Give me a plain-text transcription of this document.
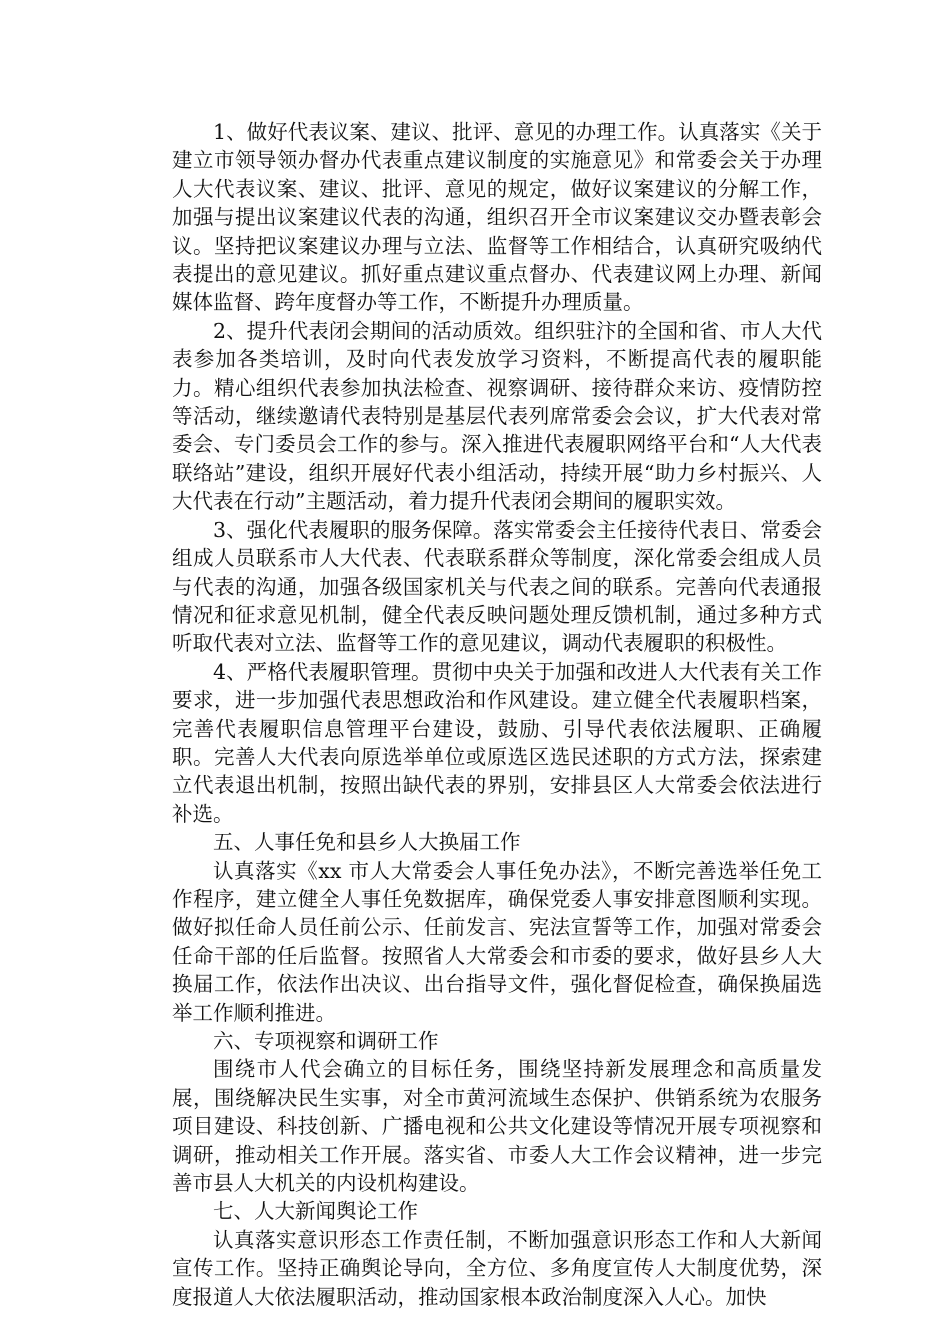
1、做好代表议案、建议、批评、意见的办理工作。认真落实《关于建立市领导领办督办代表重点建议制度的实施意见》和常委会关于办理人大代表议案、建议、批评、意见的规定，做好议案建议的分解工作，加强与提出议案建议代表的沟通，组织召开全市议案建议交办暨表彰会议。坚持把议案建议办理与立法、监督等工作相结合，认真研究吸纳代表提出的意见建议。抓好重点建议重点督办、代表建议网上办理、新闻媒体监督、跨年度督办等工作，不断提升办理质量。

2、提升代表闭会期间的活动质效。组织驻汴的全国和省、市人大代表参加各类培训，及时向代表发放学习资料，不断提高代表的履职能力。精心组织代表参加执法检查、视察调研、接待群众来访、疫情防控等活动，继续邀请代表特别是基层代表列席常委会会议，扩大代表对常委会、专门委员会工作的参与。深入推进代表履职网络平台和“人大代表联络站”建设，组织开展好代表小组活动，持续开展“助力乡村振兴、人大代表在行动”主题活动，着力提升代表闭会期间的履职实效。

3、强化代表履职的服务保障。落实常委会主任接待代表日、常委会组成人员联系市人大代表、代表联系群众等制度，深化常委会组成人员与代表的沟通，加强各级国家机关与代表之间的联系。完善向代表通报情况和征求意见机制，健全代表反映问题处理反馈机制，通过多种方式听取代表对立法、监督等工作的意见建议，调动代表履职的积极性。

4、严格代表履职管理。贯彻中央关于加强和改进人大代表有关工作要求，进一步加强代表思想政治和作风建设。建立健全代表履职档案，完善代表履职信息管理平台建设，鼓励、引导代表依法履职、正确履职。完善人大代表向原选举单位或原选区选民述职的方式方法，探索建立代表退出机制，按照出缺代表的界别，安排县区人大常委会依法进行补选。

五、人事任免和县乡人大换届工作

认真落实《xx 市人大常委会人事任免办法》，不断完善选举任免工作程序，建立健全人事任免数据库，确保党委人事安排意图顺利实现。做好拟任命人员任前公示、任前发言、宪法宣誓等工作，加强对常委会任命干部的任后监督。按照省人大常委会和市委的要求，做好县乡人大换届工作，依法作出决议、出台指导文件，强化督促检查，确保换届选举工作顺利推进。

六、专项视察和调研工作

围绕市人代会确立的目标任务，围绕坚持新发展理念和高质量发展，围绕解决民生实事，对全市黄河流域生态保护、供销系统为农服务项目建设、科技创新、广播电视和公共文化建设等情况开展专项视察和调研，推动相关工作开展。落实省、市委人大工作会议精神，进一步完善市县人大机关的内设机构建设。

七、人大新闻舆论工作

认真落实意识形态工作责任制，不断加强意识形态工作和人大新闻宣传工作。坚持正确舆论导向，全方位、多角度宣传人大制度优势，深度报道人大依法履职活动，推动国家根本政治制度深入人心。加快
